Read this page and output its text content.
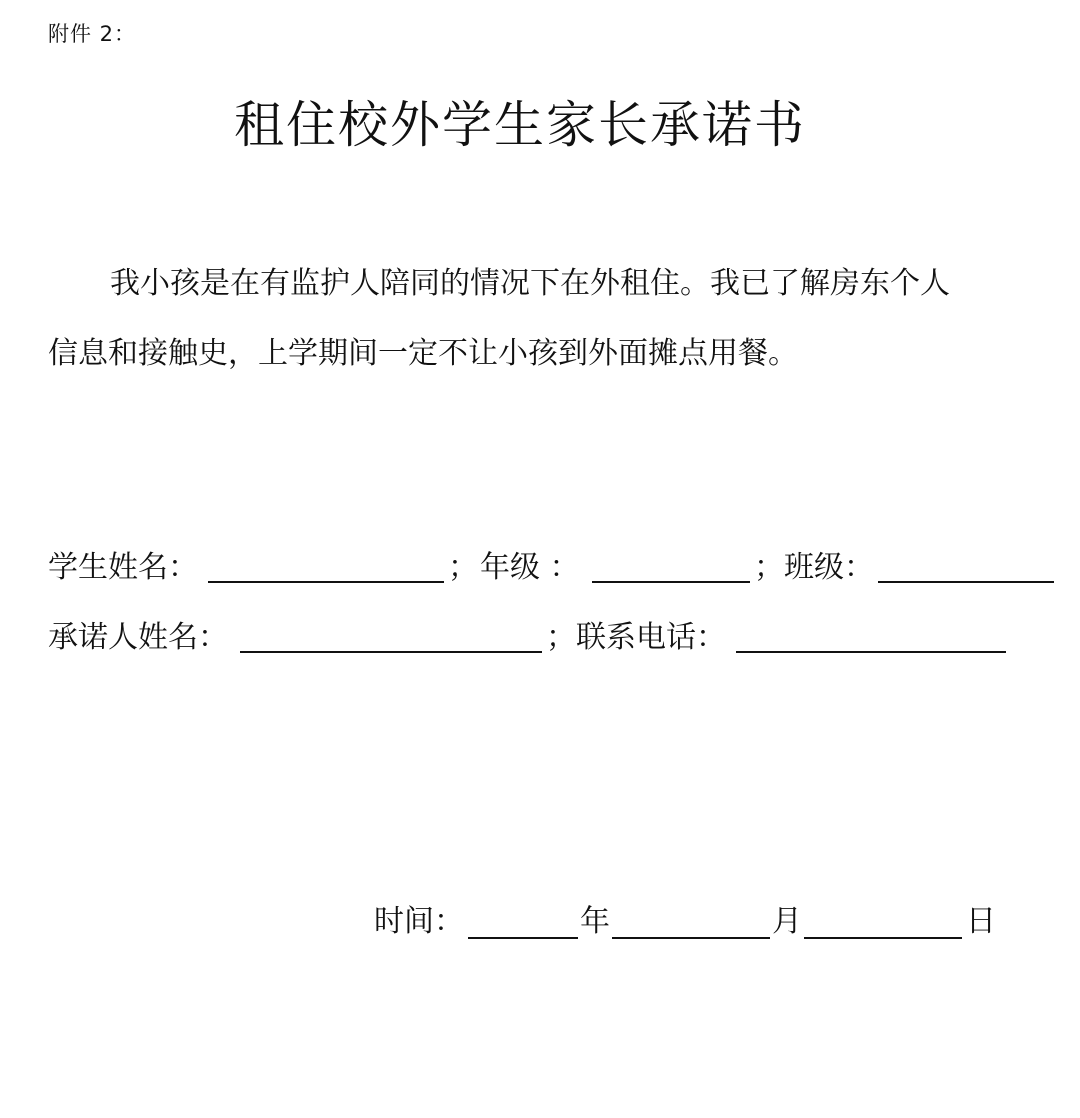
附件 2：
租住校外学生家长承诺书
我小孩是在有监护人陪同的情况下在外租住。我已了解房东个人
信息和接触史，上学期间一定不让小孩到外面摊点用餐。
学生姓名：	； 年级 ：	； 班级：
承诺人姓名：	； 联系电话：
时间：	年	月	日
